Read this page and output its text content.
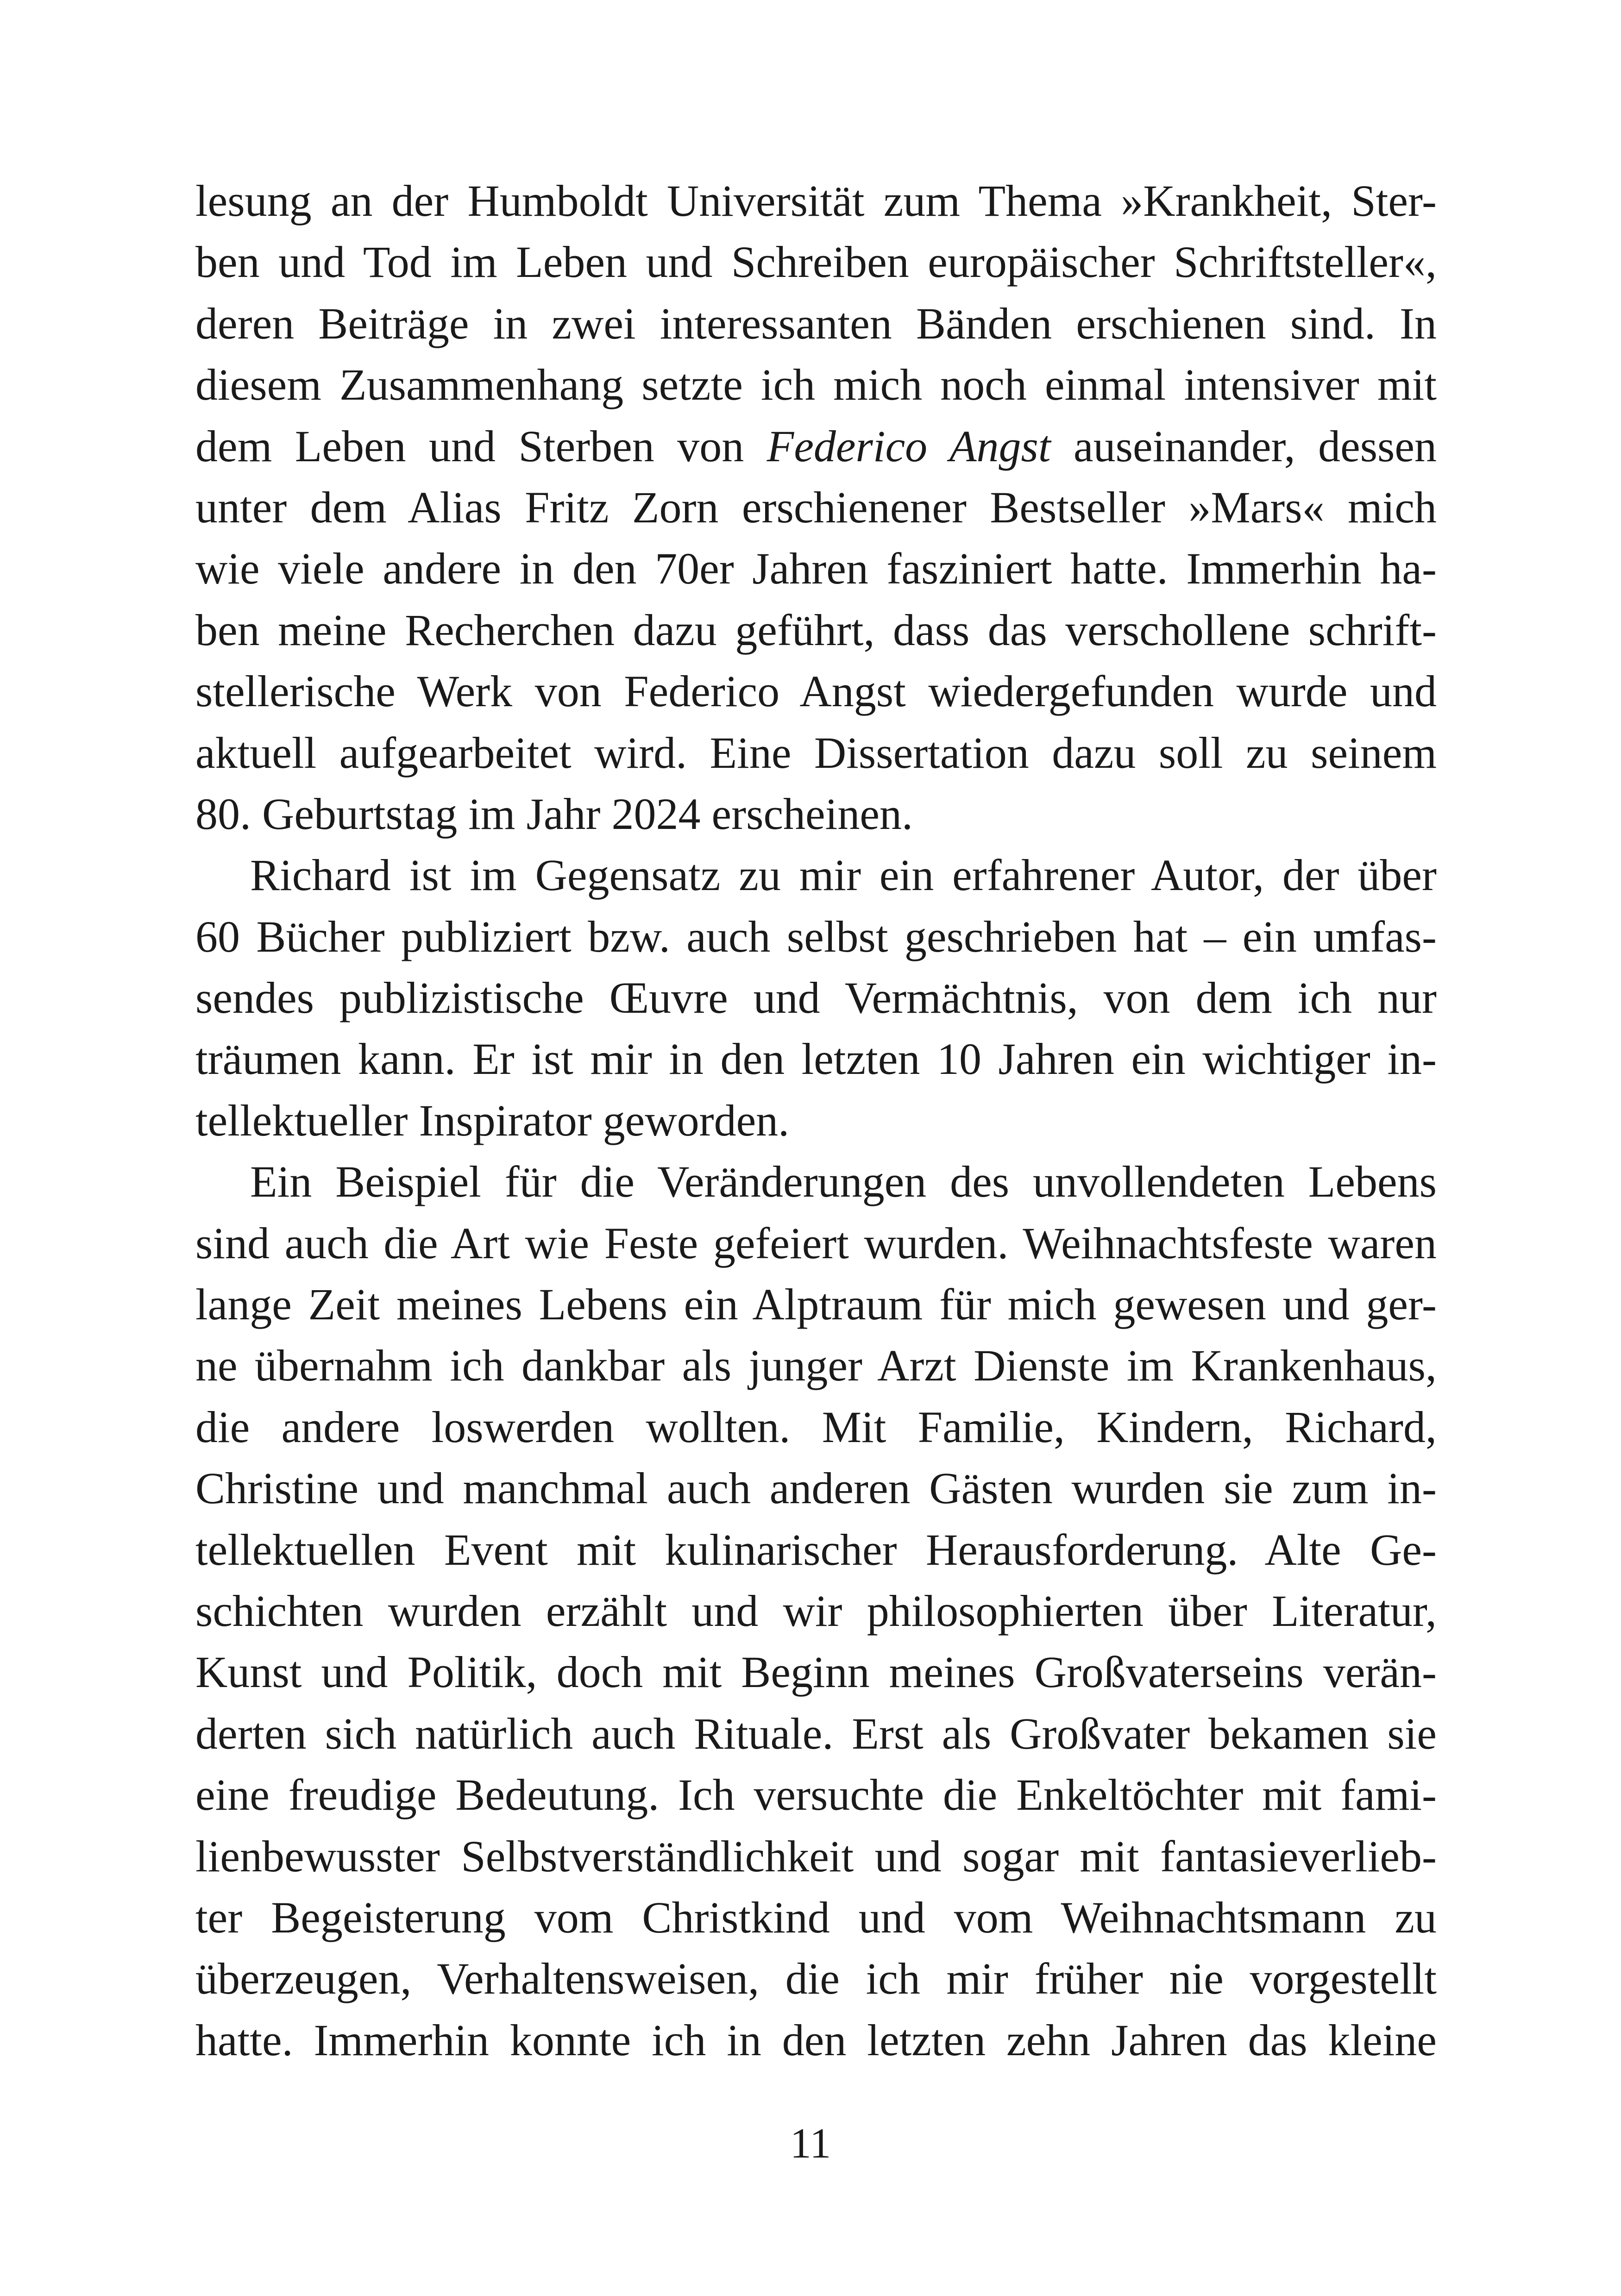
lesung an der Humboldt Universität zum Thema »Krankheit, Ster-
ben und Tod im Leben und Schreiben europäischer Schriftsteller«,
deren Beiträge in zwei interessanten Bänden erschienen sind. In
diesem Zusammenhang setzte ich mich noch einmal intensiver mit
dem Leben und Sterben von Federico Angst auseinander, dessen
unter dem Alias Fritz Zorn erschienener Bestseller »Mars« mich
wie viele andere in den 70er Jahren fasziniert hatte. Immerhin ha-
ben meine Recherchen dazu geführt, dass das verschollene schrift-
stellerische Werk von Federico Angst wiedergefunden wurde und
aktuell aufgearbeitet wird. Eine Dissertation dazu soll zu seinem
80. Geburtstag im Jahr 2024 erscheinen.
Richard ist im Gegensatz zu mir ein erfahrener Autor, der über
60 Bücher publiziert bzw. auch selbst geschrieben hat – ein umfas-
sendes publizistische Œuvre und Vermächtnis, von dem ich nur
träumen kann. Er ist mir in den letzten 10 Jahren ein wichtiger in-
tellektueller Inspirator geworden.
Ein Beispiel für die Veränderungen des unvollendeten Lebens
sind auch die Art wie Feste gefeiert wurden. Weihnachtsfeste waren
lange Zeit meines Lebens ein Alptraum für mich gewesen und ger-
ne übernahm ich dankbar als junger Arzt Dienste im Krankenhaus,
die andere loswerden wollten. Mit Familie, Kindern, Richard,
Christine und manchmal auch anderen Gästen wurden sie zum in-
tellektuellen Event mit kulinarischer Herausforderung. Alte Ge-
schichten wurden erzählt und wir philosophierten über Literatur,
Kunst und Politik, doch mit Beginn meines Großvaterseins verän-
derten sich natürlich auch Rituale. Erst als Großvater bekamen sie
eine freudige Bedeutung. Ich versuchte die Enkeltöchter mit fami-
lienbewusster Selbstverständlichkeit und sogar mit fantasieverlieb-
ter Begeisterung vom Christkind und vom Weihnachtsmann zu
überzeugen, Verhaltensweisen, die ich mir früher nie vorgestellt
hatte. Immerhin konnte ich in den letzten zehn Jahren das kleine
11
